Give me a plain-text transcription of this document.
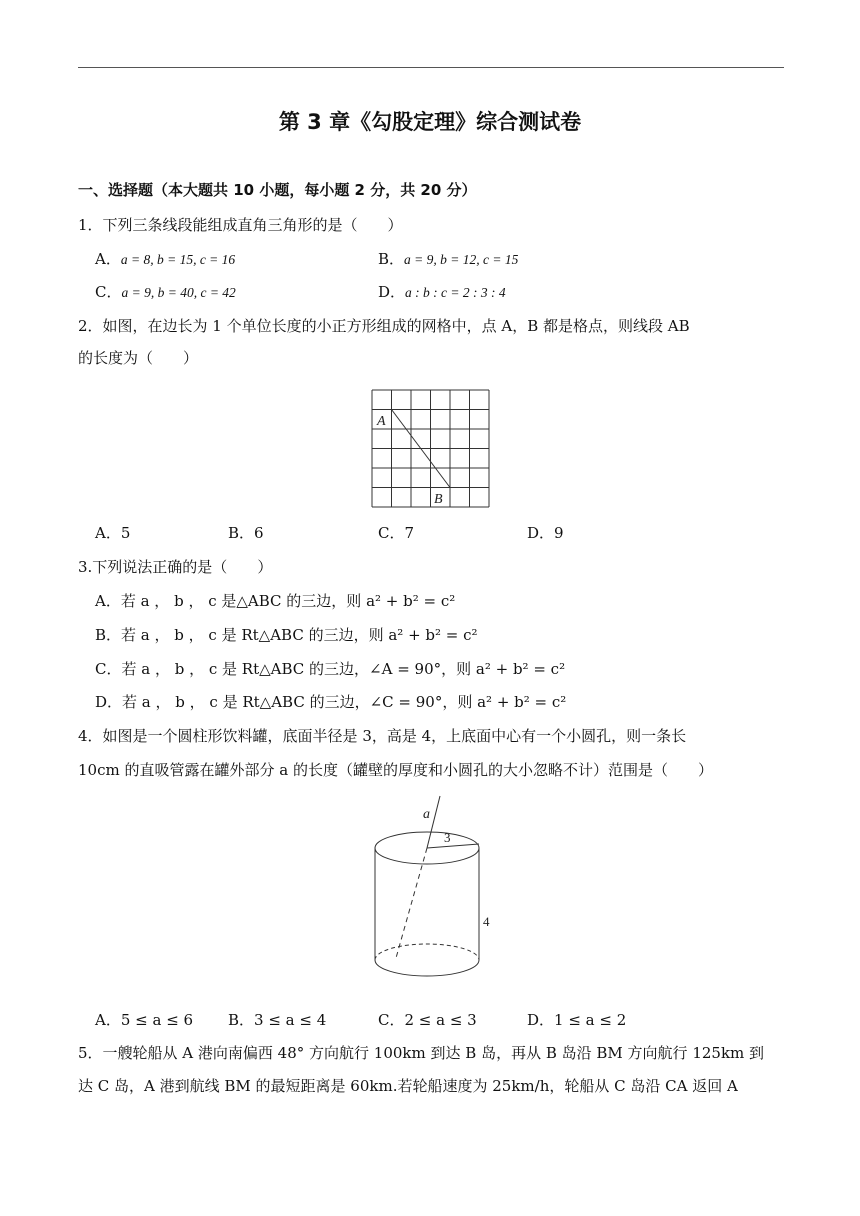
第 3 章《勾股定理》综合测试卷
一、选择题（本大题共 10 小题，每小题 2 分，共 20 分）
1．下列三条线段能组成直角三角形的是（　　）
A．a = 8, b = 15, c = 16	B．a = 9, b = 12, c = 15
C．a = 9, b = 40, c = 42	D．a : b : c = 2 : 3 : 4
2．如图，在边长为 1 个单位长度的小正方形组成的网格中，点 A，B 都是格点，则线段 AB
的长度为（　　）
A
B
A．5	B．6	C．7	D．9
3.下列说法正确的是（　　）
A．若 a ， b ， c 是△ABC 的三边，则 a² + b² = c²
B．若 a ， b ， c 是 Rt△ABC 的三边，则 a² + b² = c²
C．若 a ， b ， c 是 Rt△ABC 的三边，∠A = 90°，则 a² + b² = c²
D．若 a ， b ， c 是 Rt△ABC 的三边，∠C = 90°，则 a² + b² = c²
4．如图是一个圆柱形饮料罐，底面半径是 3，高是 4，上底面中心有一个小圆孔，则一条长
10cm 的直吸管露在罐外部分 a 的长度（罐壁的厚度和小圆孔的大小忽略不计）范围是（　　）
a
3
4
A．5 ≤ a ≤ 6 B．3 ≤ a ≤ 4	C．2 ≤ a ≤ 3	D．1 ≤ a ≤ 2
5．一艘轮船从 A 港向南偏西 48° 方向航行 100km 到达 B 岛，再从 B 岛沿 BM 方向航行 125km 到
达 C 岛，A 港到航线 BM 的最短距离是 60km.若轮船速度为 25km/h，轮船从 C 岛沿 CA 返回 A
